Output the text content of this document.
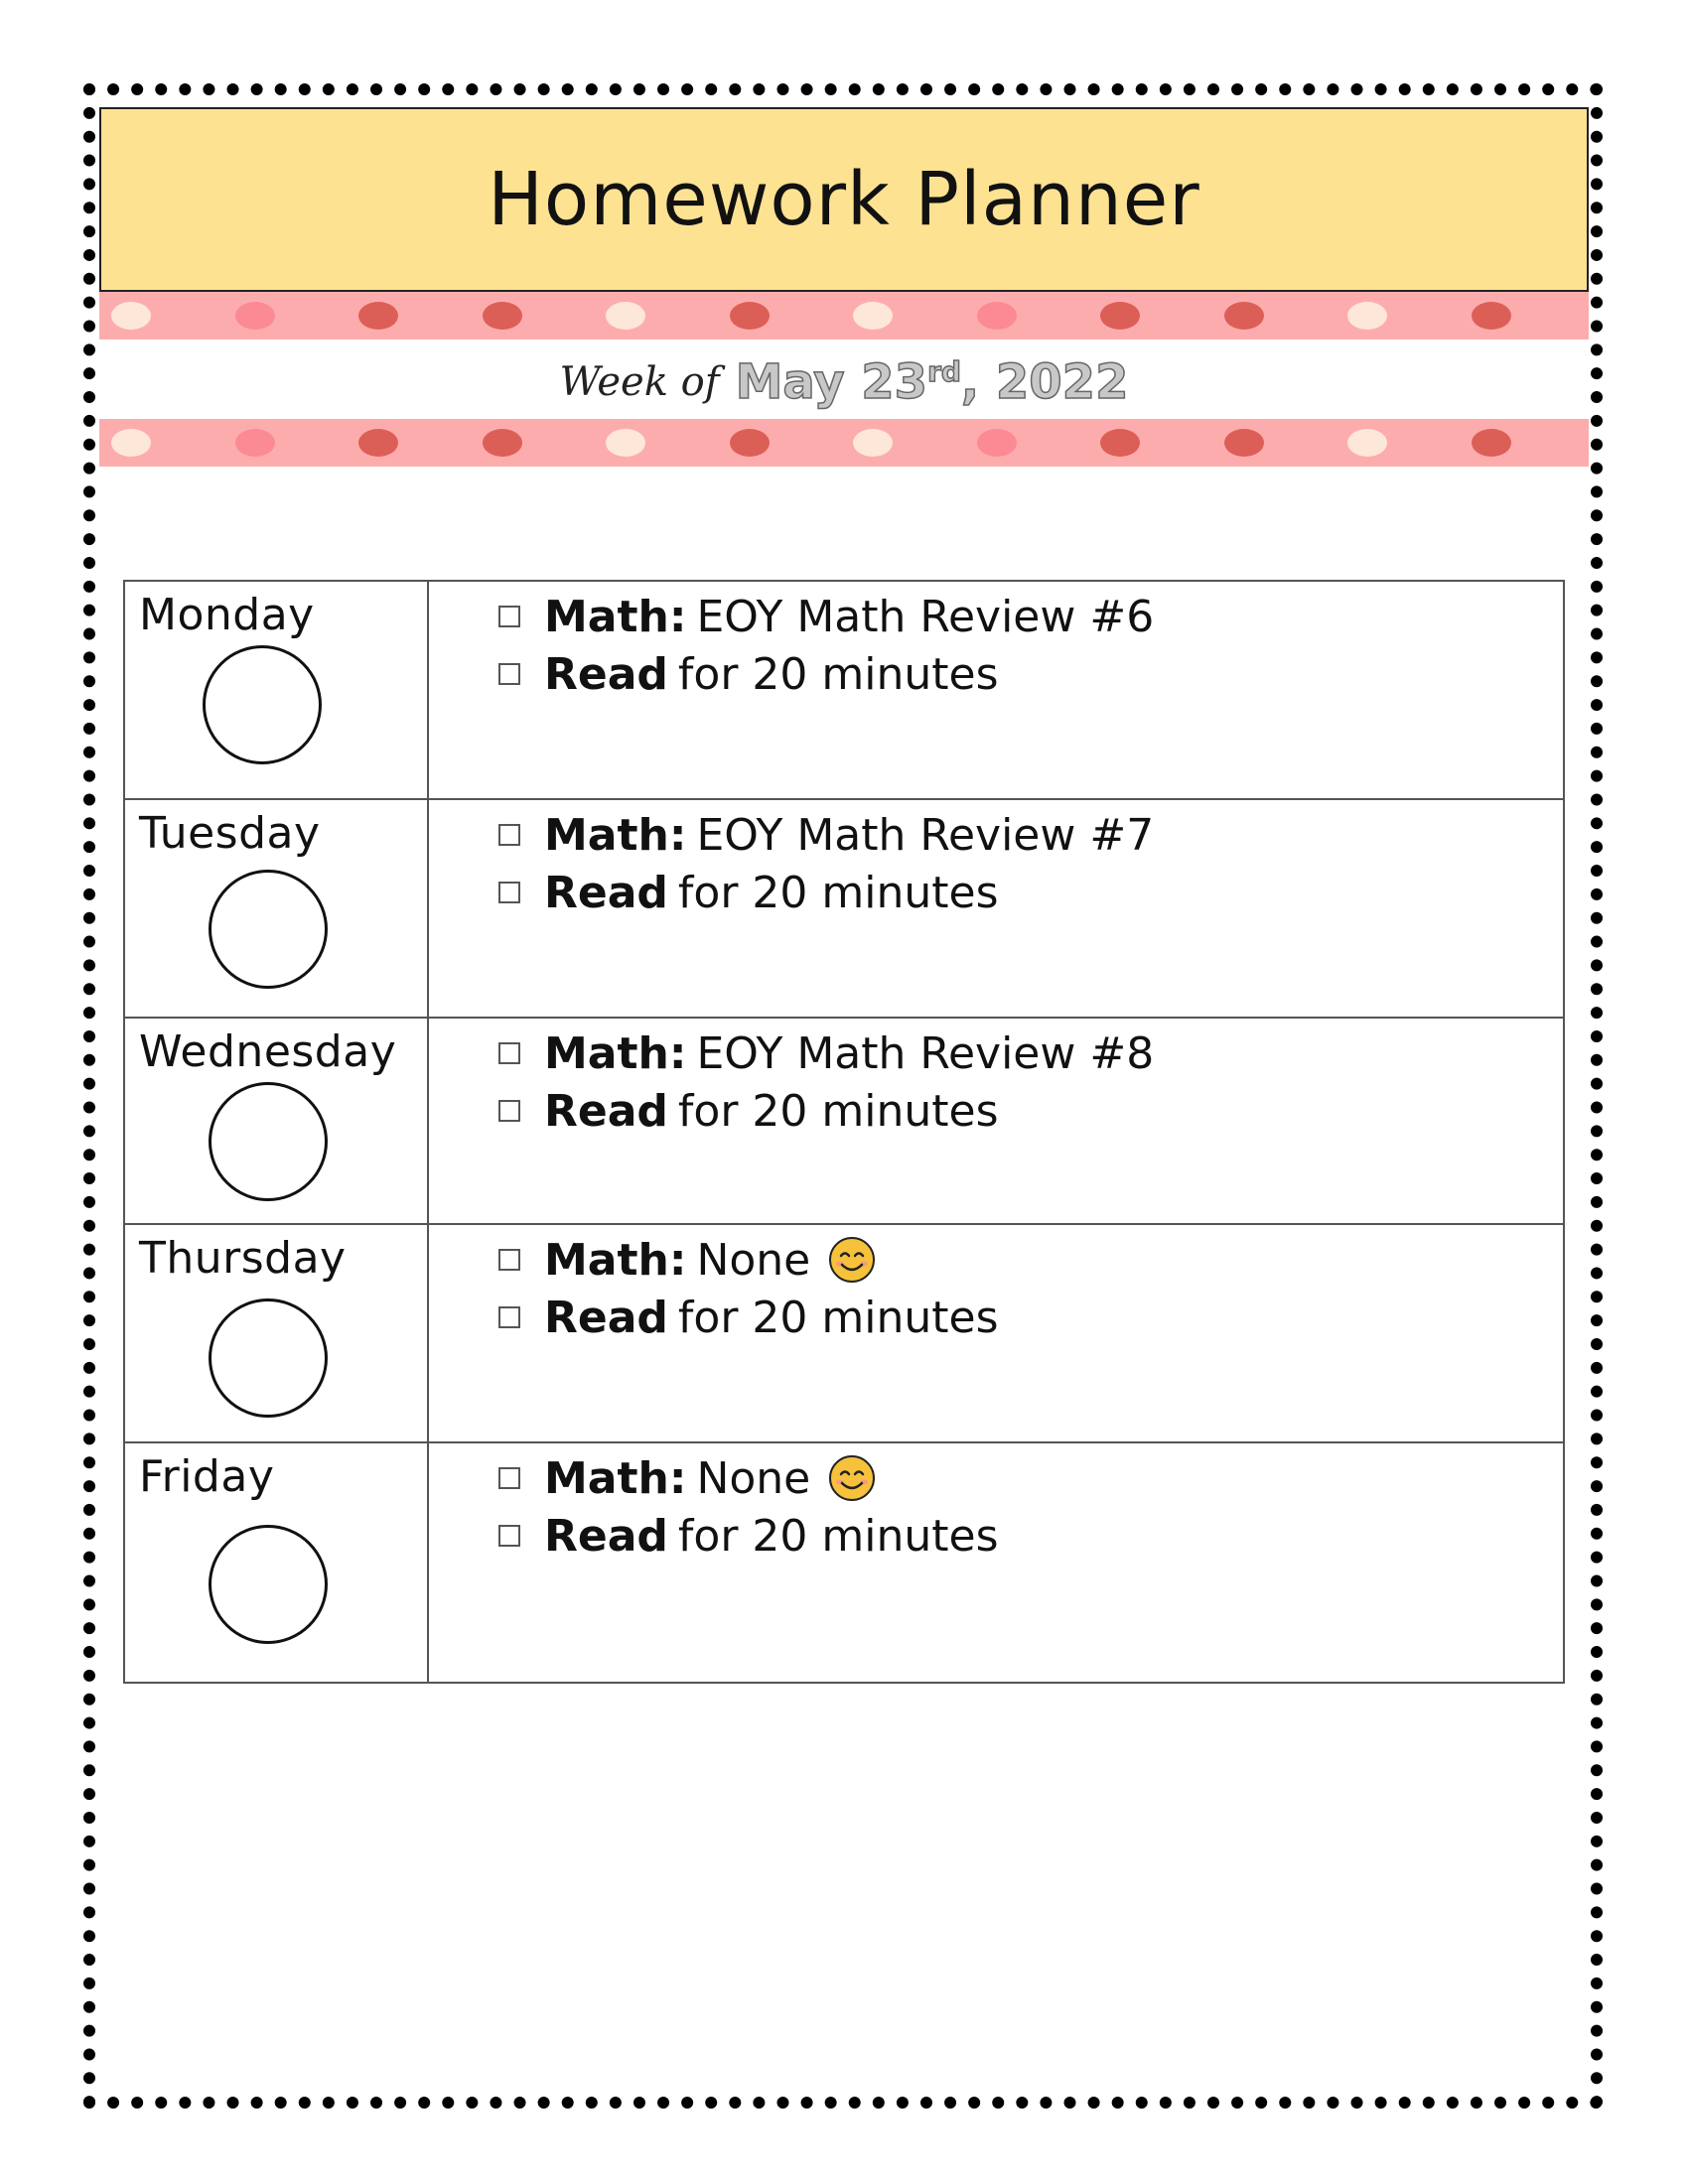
Homework Planner
Week of May 23rd, 2022
Monday	Math: EOY Math Review #6
Read for 20 minutes

Tuesday	Math: EOY Math Review #7
Read for 20 minutes

Wednesday	Math: EOY Math Review #8
Read for 20 minutes

Thursday	Math: None
Read for 20 minutes

Friday	Math: None
Read for 20 minutes
